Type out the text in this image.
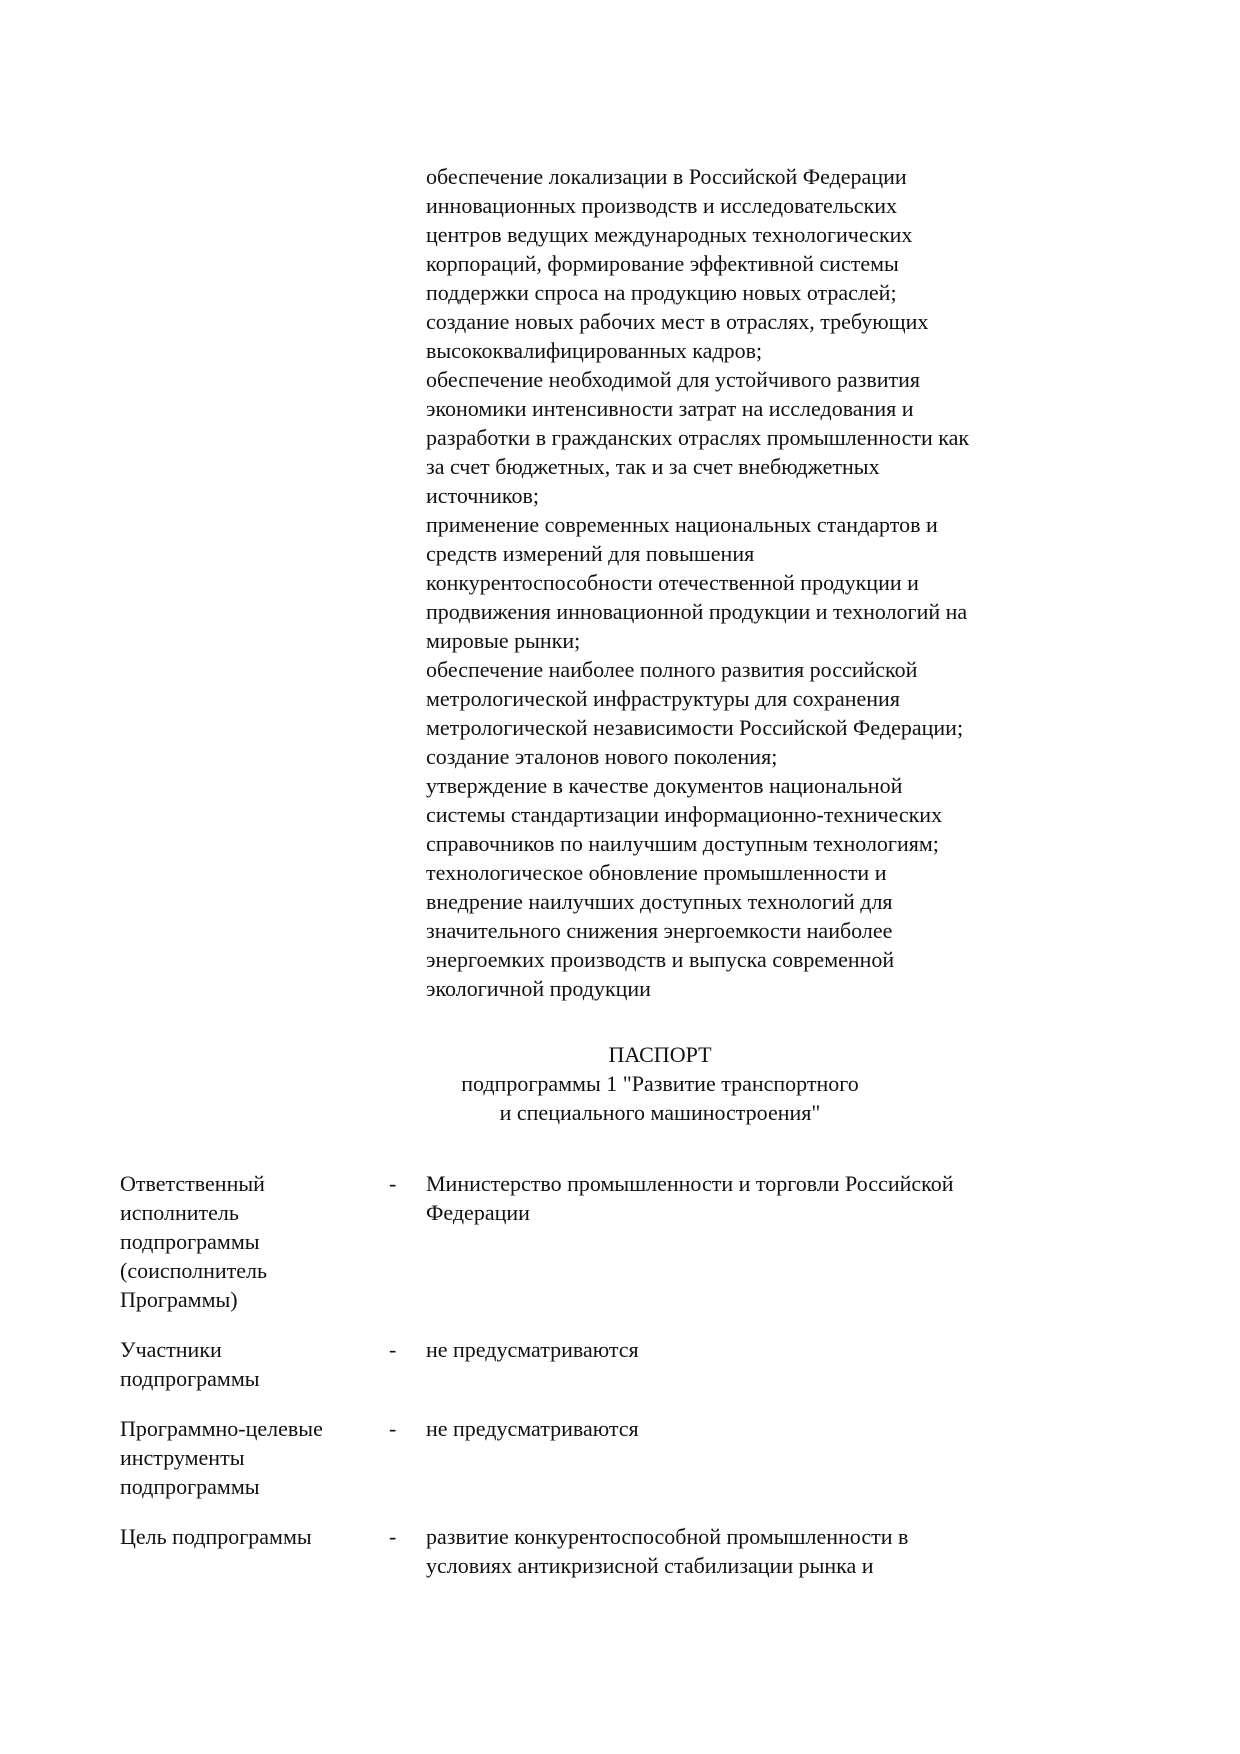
обеспечение локализации в Российской Федерации
инновационных производств и исследовательских
центров ведущих международных технологических
корпораций, формирование эффективной системы
поддержки спроса на продукцию новых отраслей;
создание новых рабочих мест в отраслях, требующих
высококвалифицированных кадров;
обеспечение необходимой для устойчивого развития
экономики интенсивности затрат на исследования и
разработки в гражданских отраслях промышленности как
за счет бюджетных, так и за счет внебюджетных
источников;
применение современных национальных стандартов и
средств измерений для повышения
конкурентоспособности отечественной продукции и
продвижения инновационной продукции и технологий на
мировые рынки;
обеспечение наиболее полного развития российской
метрологической инфраструктуры для сохранения
метрологической независимости Российской Федерации;
создание эталонов нового поколения;
утверждение в качестве документов национальной
системы стандартизации информационно-технических
справочников по наилучшим доступным технологиям;
технологическое обновление промышленности и
внедрение наилучших доступных технологий для
значительного снижения энергоемкости наиболее
энергоемких производств и выпуска современной
экологичной продукции
ПАСПОРТ
подпрограммы 1 "Развитие транспортного
и специального машиностроения"
Ответственный
исполнитель
подпрограммы
(соисполнитель
Программы)
- Министерство промышленности и торговли Российской
Федерации
Участники
подпрограммы
- не предусматриваются
Программно-целевые
инструменты
подпрограммы
- не предусматриваются
Цель подпрограммы	- развитие конкурентоспособной промышленности в
условиях антикризисной стабилизации рынка и
